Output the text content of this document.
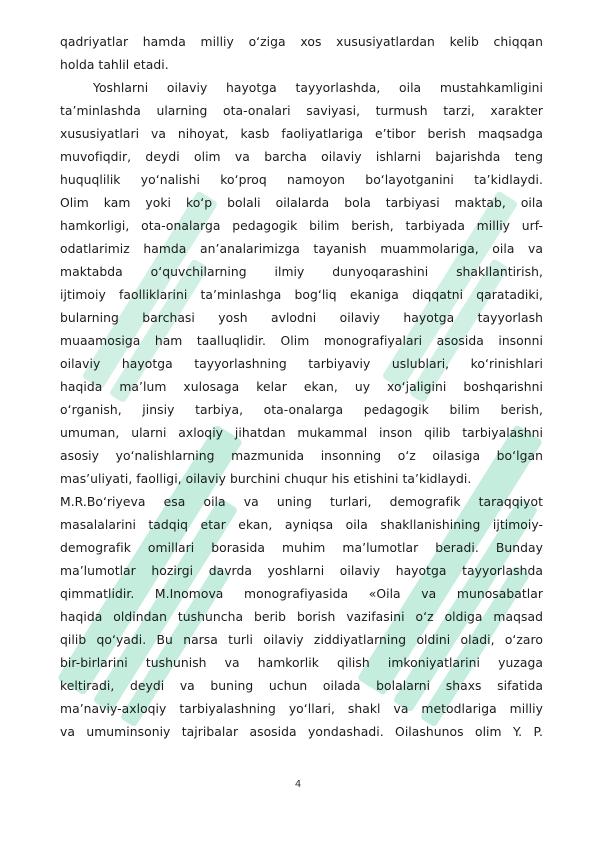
qadriyatlar hamda milliy o‘ziga xos xususiyatlardan kelib chiqqan
holda tahlil etadi.
Yoshlarni oilaviy hayotga tayyorlashda, oila mustahkamligini
ta’minlashda ularning ota-onalari saviyasi, turmush tarzi, xarakter
xususiyatlari va nihoyat, kasb faoliyatlariga e’tibor berish maqsadga
muvofiqdir, deydi olim va barcha oilaviy ishlarni bajarishda teng
huquqlilik yo‘nalishi ko‘proq namoyon bo‘layotganini ta’kidlaydi.
Olim kam yoki ko‘p bolali oilalarda bola tarbiyasi maktab, oila
hamkorligi, ota-onalarga pedagogik bilim berish, tarbiyada milliy urf-
odatlarimiz hamda an’analarimizga tayanish muammolariga, oila va
maktabda o‘quvchilarning ilmiy dunyoqarashini shakllantirish,
ijtimoiy faolliklarini ta’minlashga bog‘liq ekaniga diqqatni qaratadiki,
bularning barchasi yosh avlodni oilaviy hayotga tayyorlash
muaamosiga ham taalluqlidir. Olim monografiyalari asosida insonni
oilaviy hayotga tayyorlashning tarbiyaviy uslublari, ko‘rinishlari
haqida ma’lum xulosaga kelar ekan, uy xo‘jaligini boshqarishni
o‘rganish, jinsiy tarbiya, ota-onalarga pedagogik bilim berish,
umuman, ularni axloqiy jihatdan mukammal inson qilib tarbiyalashni
asosiy yo‘nalishlarning mazmunida insonning o‘z oilasiga bo‘lgan
mas’uliyati, faolligi, oilaviy burchini chuqur his etishini ta’kidlaydi.
M.R.Bo‘riyeva esa oila va uning turlari, demografik taraqqiyot
masalalarini tadqiq etar ekan, ayniqsa oila shakllanishining ijtimoiy-
demografik omillari borasida muhim ma’lumotlar beradi. Bunday
ma’lumotlar hozirgi davrda yoshlarni oilaviy hayotga tayyorlashda
qimmatlidir. M.Inomova monografiyasida «Oila va munosabatlar
haqida oldindan tushuncha berib borish vazifasini o‘z oldiga maqsad
qilib qo‘yadi. Bu narsa turli oilaviy ziddiyatlarning oldini oladi, o‘zaro
bir-birlarini tushunish va hamkorlik qilish imkoniyatlarini yuzaga
keltiradi, deydi va buning uchun oilada bolalarni shaxs sifatida
ma’naviy-axloqiy tarbiyalashning yo‘llari, shakl va metodlariga milliy
va umuminsoniy tajribalar asosida yondashadi. Oilashunos olim Y. P.
4
